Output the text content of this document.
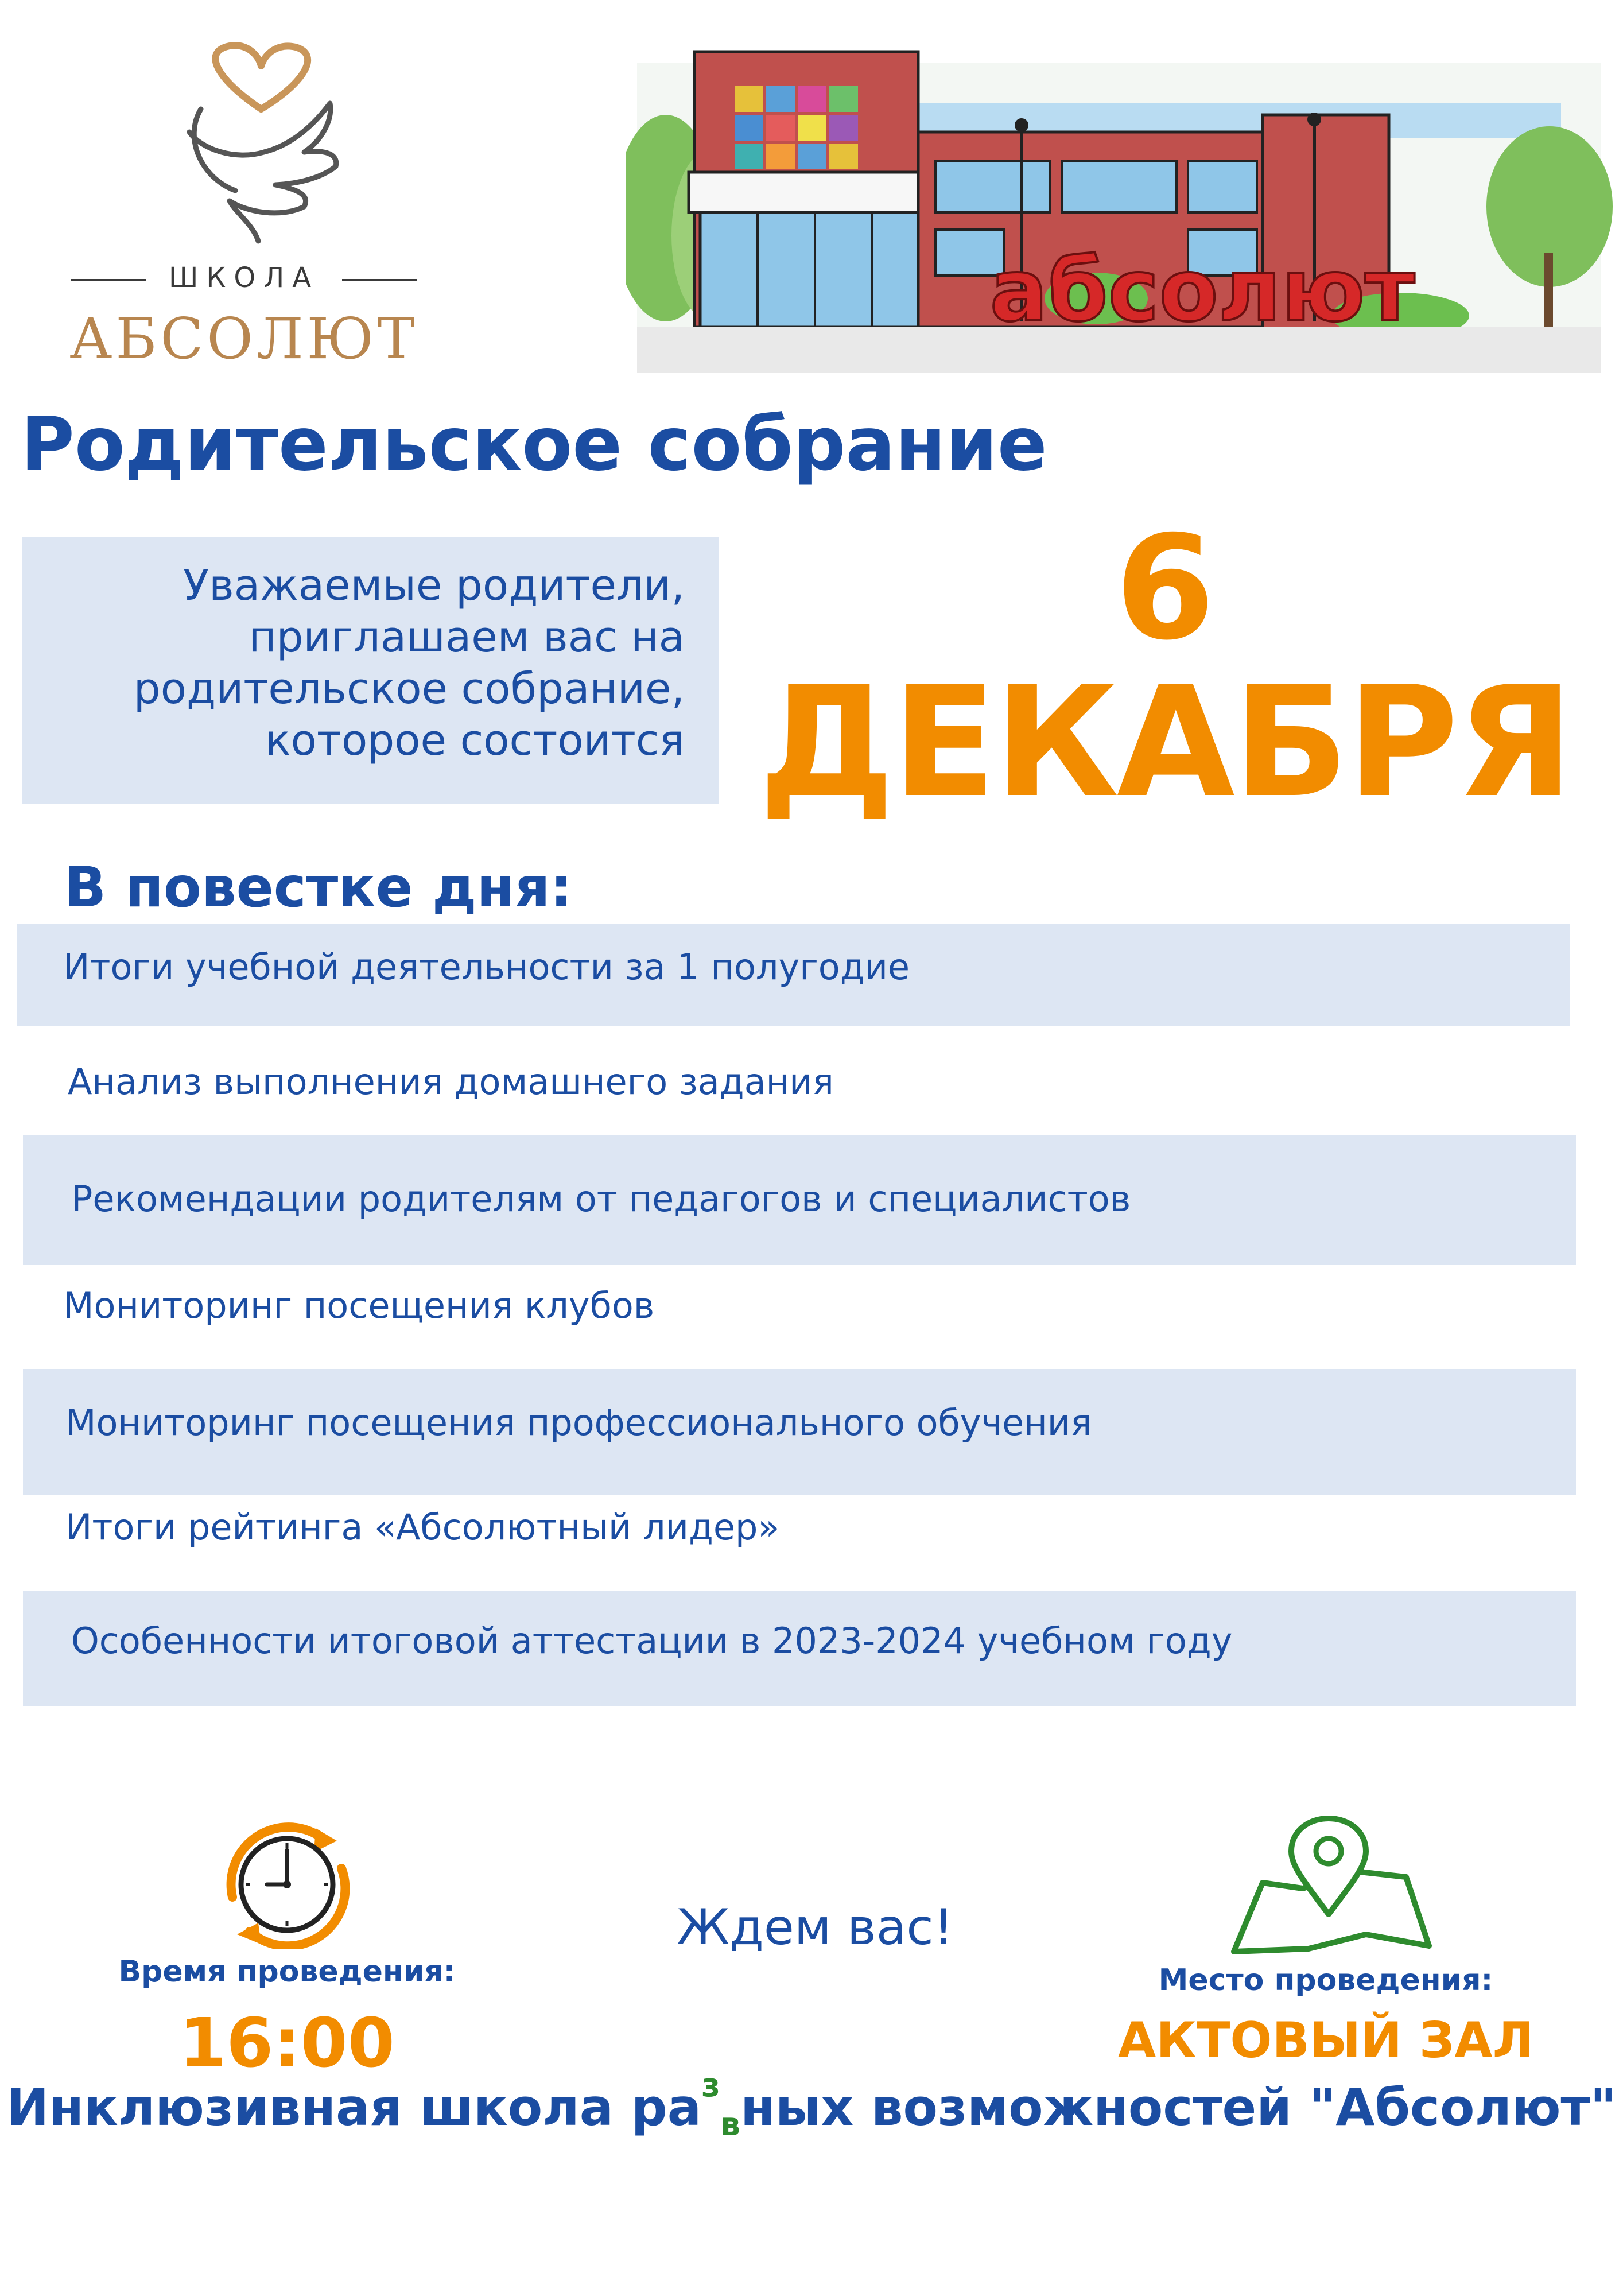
ШКОЛА
АБСОЛЮТ	абсолют
Родительское собрание
Уважаемые родители,
приглашаем вас на
родительское собрание,
которое состоится
6
ДЕКАБРЯ
В повестке дня:
Итоги учебной деятельности за 1 полугодие
Анализ выполнения домашнего задания
Рекомендации родителям от педагогов и специалистов
Мониторинг посещения клубов
Мониторинг посещения профессионального обучения
Итоги рейтинга «Абсолютный лидер»
Особенности итоговой аттестации в 2023-2024 учебном году
Время проведения:
16:00
Ждем вас!
Место проведения:
АКТОВЫЙ ЗАЛ
Инклюзивная школа ра$^з_в$ных возможностей "Абсолют"
